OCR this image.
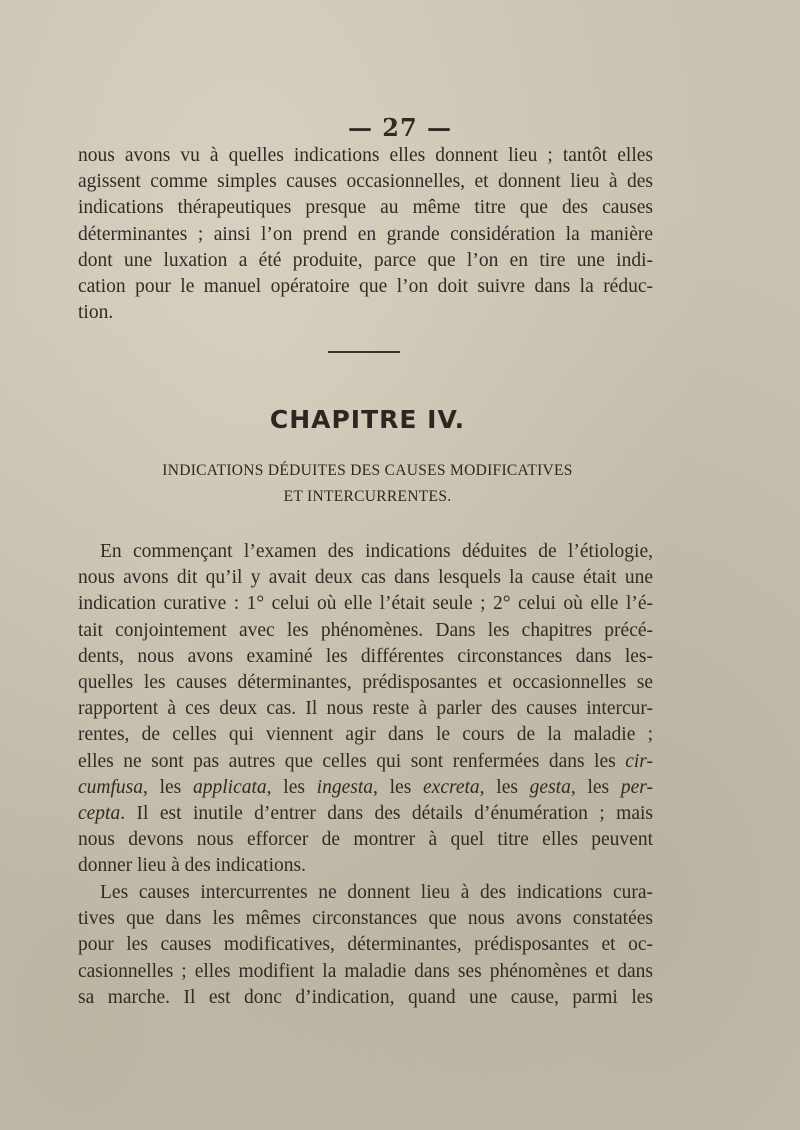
— 27 —
nous avons vu à quelles indications elles donnent lieu ; tantôt elles
agissent comme simples causes occasionnelles, et donnent lieu à des
indications thérapeutiques presque au même titre que des causes
déterminantes ; ainsi l’on prend en grande considération la manière
dont une luxation a été produite, parce que l’on en tire une indi-
cation pour le manuel opératoire que l’on doit suivre dans la réduc-
tion.
CHAPITRE IV.
INDICATIONS DÉDUITES DES CAUSES MODIFICATIVES
ET INTERCURRENTES.
En commençant l’examen des indications déduites de l’étiologie,
nous avons dit qu’il y avait deux cas dans lesquels la cause était une
indication curative : 1° celui où elle l’était seule ; 2° celui où elle l’é-
tait conjointement avec les phénomènes. Dans les chapitres précé-
dents, nous avons examiné les différentes circonstances dans les-
quelles les causes déterminantes, prédisposantes et occasionnelles se
rapportent à ces deux cas. Il nous reste à parler des causes intercur-
rentes, de celles qui viennent agir dans le cours de la maladie ;
elles ne sont pas autres que celles qui sont renfermées dans les cir-
cumfusa, les applicata, les ingesta, les excreta, les gesta, les per-
cepta. Il est inutile d’entrer dans des détails d’énumération ; mais
nous devons nous efforcer de montrer à quel titre elles peuvent
donner lieu à des indications.
Les causes intercurrentes ne donnent lieu à des indications cura-
tives que dans les mêmes circonstances que nous avons constatées
pour les causes modificatives, déterminantes, prédisposantes et oc-
casionnelles ; elles modifient la maladie dans ses phénomènes et dans
sa marche. Il est donc d’indication, quand une cause, parmi les
